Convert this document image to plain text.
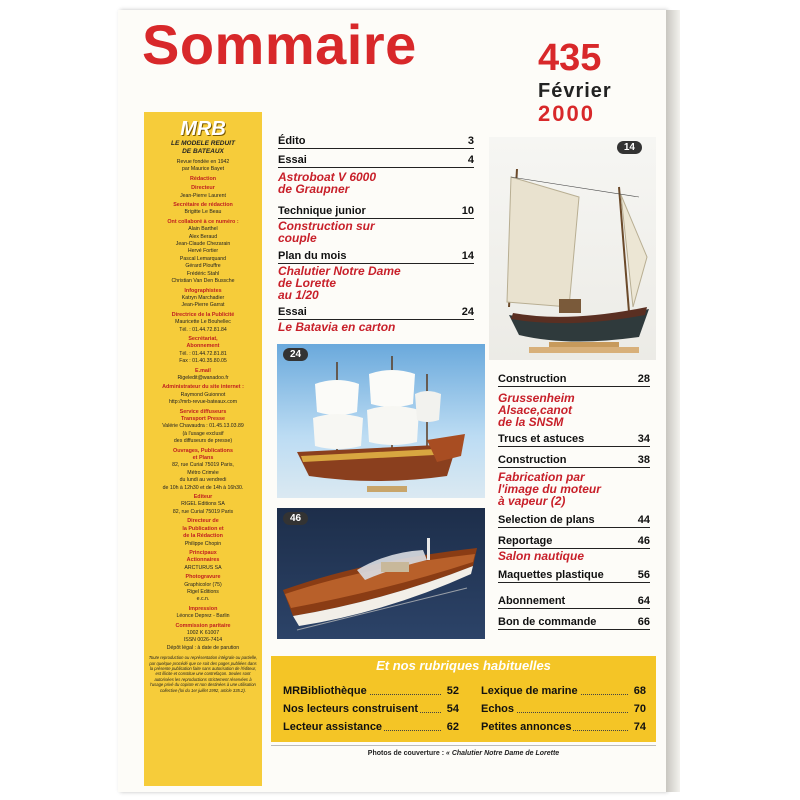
Sommaire	435
Février
2000
MRB
LE MODELE REDUIT
DE BATEAUX
Revue fondée en 1942
par Maurice Bayet
Rédaction
Directeur
Jean-Pierre Laurent
Secrétaire de rédaction
Brigitte Le Beau
Ont collaboré à ce numéro :
Alain Barthel
Alex Beraud
Jean-Claude Chezarain
Hervé Fortier
Pascal Lemarquand
Gérard Plouffre
Frédéric Stahl
Christian Van Den Bussche
Infographistes
Katryn Marchadier
Jean-Pierre Garrat
Directrice de la Publicité
Mauricette Le Bouhellec
Tél. : 01.44.72.81.84
Secrétariat,
Abonnement
Tél. : 01.44.72.81.81
Fax : 01.40.35.80.05
E.mail
Rigeledit@wanadoo.fr
Administrateur du site internet :
Raymond Guionnot
http://mrb-revue-bateaux.com
Service diffuseurs
Transport Presse
Valérie Chavaudra : 01.45.13.03.89
(à l'usage exclusif
des diffuseurs de presse)
Ouvrages, Publications
et Plans
82, rue Curial 75019 Paris,
Métro Crimée
du lundi au vendredi
de 10h à 12h30 et de 14h à 16h30.
Editeur
RIGEL Editions SA
82, rue Curial 75019 Paris
Directeur de
la Publication et
de la Rédaction
Philippe Chopin
Principaux
Actionnaires
ARCTURUS SA
Photogravure
Graphicolor (75)
Rigel Editions
e.c.n.
Impression
Léonce Deprez - Barlin
Commission paritaire
1002 K 61007
ISSN 0026-7414
Dépôt légal : à date de parution
Toute reproduction ou représentation intégrale ou partielle, par quelque procédé que ce soit des pages publiées dans la présente publication faite sans autorisation de l'éditeur, est illicite et constitue une contrefaçon. Seules sont autorisées les reproductions strictement réservées à l'usage privé du copiste et non destinées à une utilisation collective (loi du 1er juillet 1992, article 335.2).
Édito	3
Essai	4
Astroboat V 6000
de Graupner
Technique junior	10
Construction sur
couple
Plan du mois	14
Chalutier Notre Dame
de Lorette
au 1/20
Essai	24
Le Batavia en carton
14
24
46
Construction	28
Grussenheim
Alsace,canot
de la SNSM
Trucs et astuces	34
Construction	38
Fabrication par
l'image du moteur
à vapeur (2)
Selection de plans	44
Reportage	46
Salon nautique
Maquettes plastique	56
Abonnement	64
Bon de commande	66
Et nos rubriques habituelles
MRBibliothèque	52
Nos lecteurs construisent	54
Lecteur assistance	62
Lexique de marine	68
Echos	70
Petites annonces	74
Photos de couverture : « Chalutier Notre Dame de Lorette
